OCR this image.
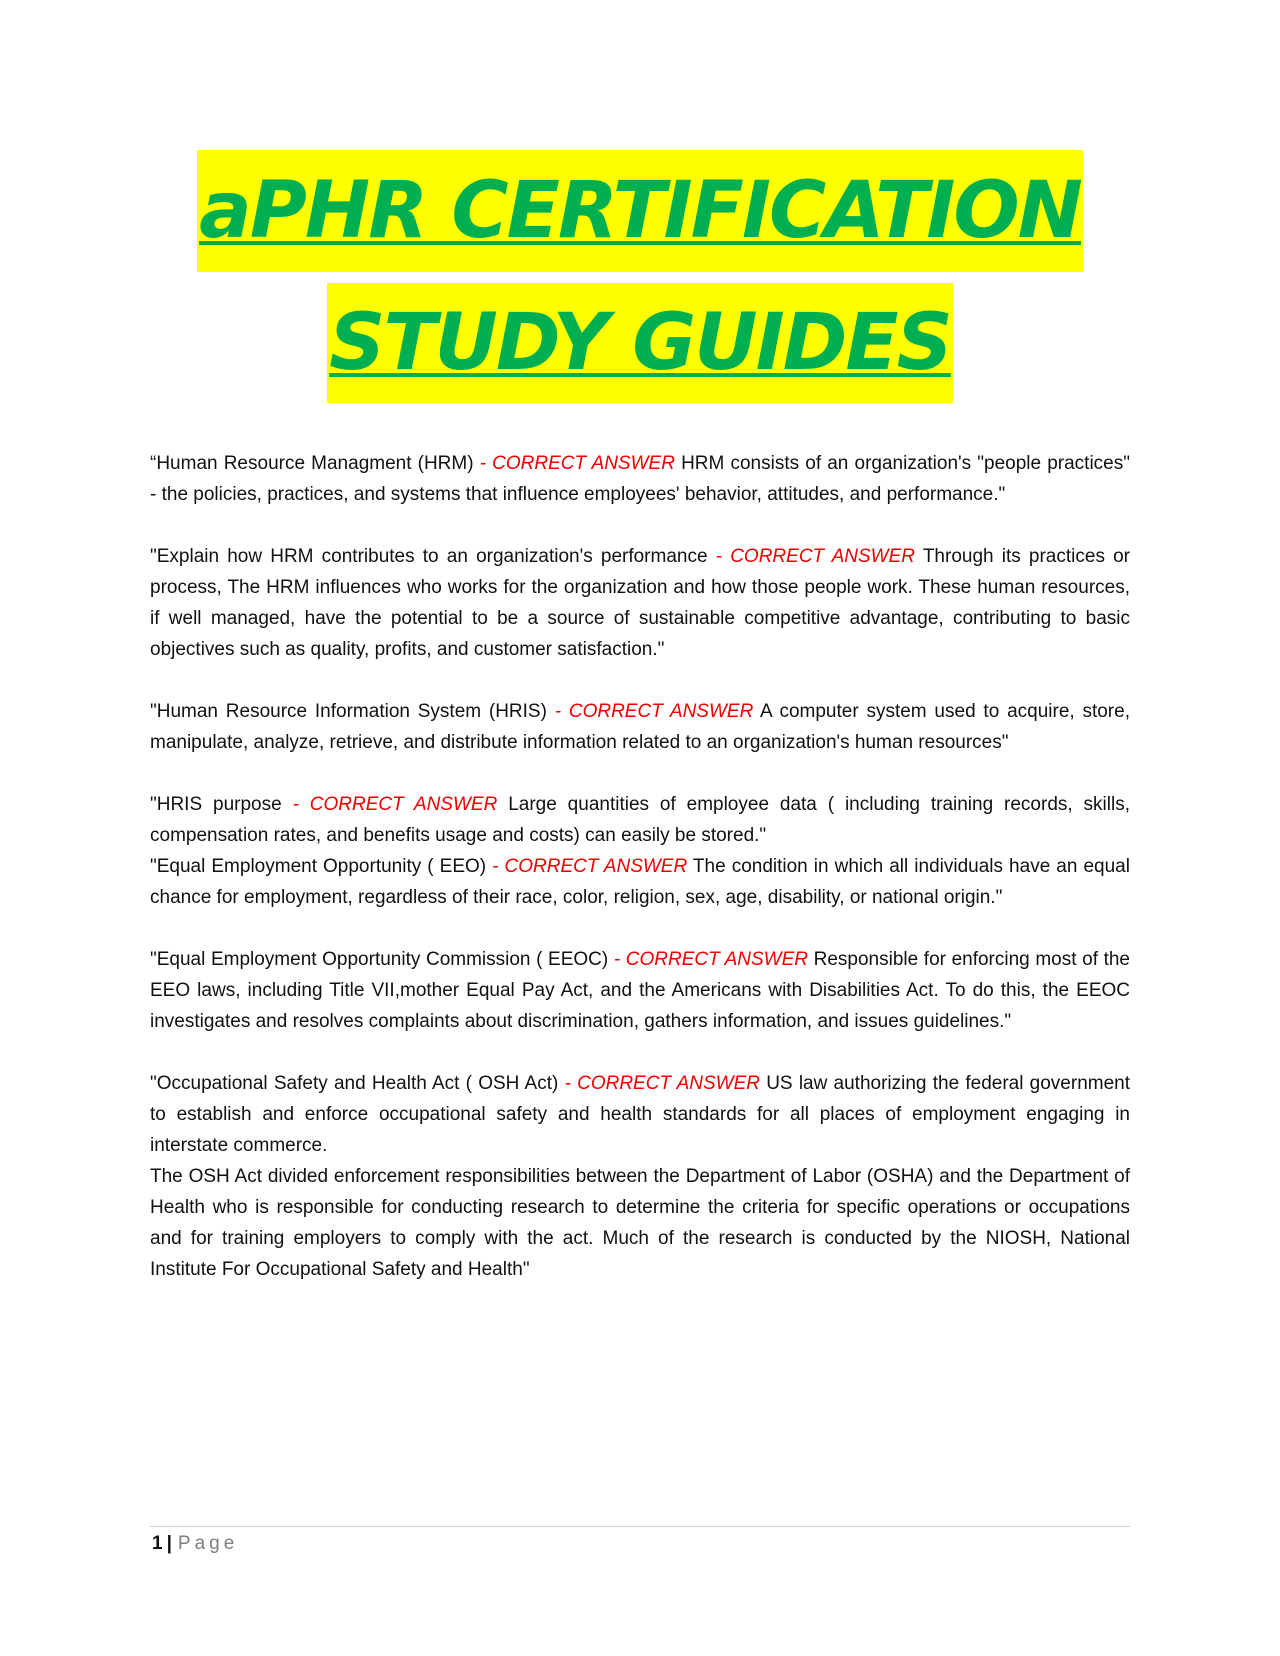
aPHR CERTIFICATION
STUDY GUIDES

“Human Resource Managment (HRM) - CORRECT ANSWER HRM consists of an organization's "people practices" - the policies, practices, and systems that influence employees' behavior, attitudes, and performance."

"Explain how HRM contributes to an organization's performance - CORRECT ANSWER Through its practices or process, The HRM influences who works for the organization and how those people work. These human resources, if well managed, have the potential to be a source of sustainable competitive advantage, contributing to basic objectives such as quality, profits, and customer satisfaction."

"Human Resource Information System (HRIS) - CORRECT ANSWER A computer system used to acquire, store, manipulate, analyze, retrieve, and distribute information related to an organization's human resources"

"HRIS purpose - CORRECT ANSWER Large quantities of employee data ( including training records, skills, compensation rates, and benefits usage and costs) can easily be stored."

"Equal Employment Opportunity ( EEO) - CORRECT ANSWER The condition in which all individuals have an equal chance for employment, regardless of their race, color, religion, sex, age, disability, or national origin."

"Equal Employment Opportunity Commission ( EEOC) - CORRECT ANSWER Responsible for enforcing most of the EEO laws, including Title VII,mother Equal Pay Act, and the Americans with Disabilities Act. To do this, the EEOC investigates and resolves complaints about discrimination, gathers information, and issues guidelines."

"Occupational Safety and Health Act ( OSH Act) - CORRECT ANSWER US law authorizing the federal government to establish and enforce occupational safety and health standards for all places of employment engaging in interstate commerce.

The OSH Act divided enforcement responsibilities between the Department of Labor (OSHA) and the Department of Health who is responsible for conducting research to determine the criteria for specific operations or occupations and for training employers to comply with the act. Much of the research is conducted by the NIOSH, National Institute For Occupational Safety and Health"

1 | Page
